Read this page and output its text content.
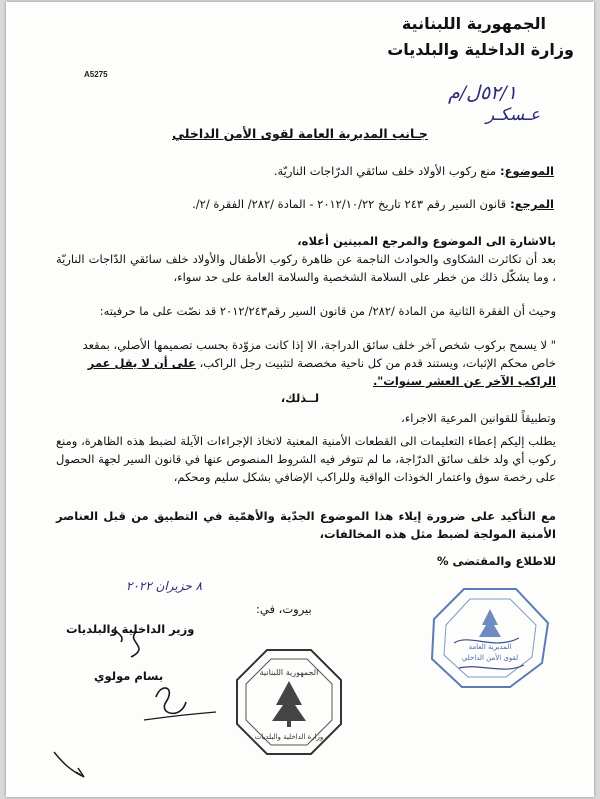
الجمهورية اللبنانية
وزارة الداخلية والبلديات
A5275
٥٢/١ل/م
عـسكـر
جـانب المديرية العامة لقوى الأمن الداخلي
الموضوع: منع ركوب الأولاد خلف سائقي الدرّاجات الناريّة.
المرجع: قانون السير رقم ٢٤٣ تاريخ ٢٠١٢/١٠/٢٢ - المادة /٢٨٢/ الفقرة /٢/.
بالاشارة الى الموضوع والمرجع المبينين أعلاه،
بعد أن تكاثرت الشكاوى والحوادث الناجمة عن ظاهرة ركوب الأطفال والأولاد خلف سائقي الدّاجات الناريّة ، وما يشكّل ذلك من خطر على السلامة الشخصية والسلامة العامة على حد سواء،
وحيث أن الفقرة الثانية من المادة /٢٨٢/ من قانون السير رقم٢٠١٢/٢٤٣ قد نصّت على ما حرفيته:
" لا يسمح بركوب شخص آخر خلف سائق الدراجة، الا إذا كانت مزوّدة بحسب تصميمها الأصلي، بمقعد خاص محكم الإثبات، ويستند قدم من كل ناحية مخصصة لتثبيت رجل الراكب، على أن لا يقل عمر الراكب الآخر عن العشر سنوات".
لــذلك،
وتطبيقاً للقوانين المرعية الاجراء،
يطلب إليكم إعطاء التعليمات الى القطعات الأمنية المعنية لاتخاذ الإجراءات الآيلة لضبط هذه الظاهرة، ومنع ركوب أي ولد خلف سائق الدرّاجة، ما لم تتوفر فيه الشروط المنصوص عنها في قانون السير لجهة الحصول على رخصة سوق واعتمار الخوذات الواقية وللراكب الإضافي بشكل سليم ومحكم،
مع التأكيد على ضرورة إيلاء هذا الموضوع الجدّية والأهمّية في التطبيق من قبل العناصر الأمنية المولجة لضبط مثل هذه المخالفات،
للاطلاع والمقتضى %
٨ حزيران ٢٠٢٢
بيروت، في:
وزير الداخلية والبلديات
بسام مولوي	الجمهورية اللبنانية
وزارة الداخلية والبلديات
المديرية العامة
لقوى الأمن الداخلي
